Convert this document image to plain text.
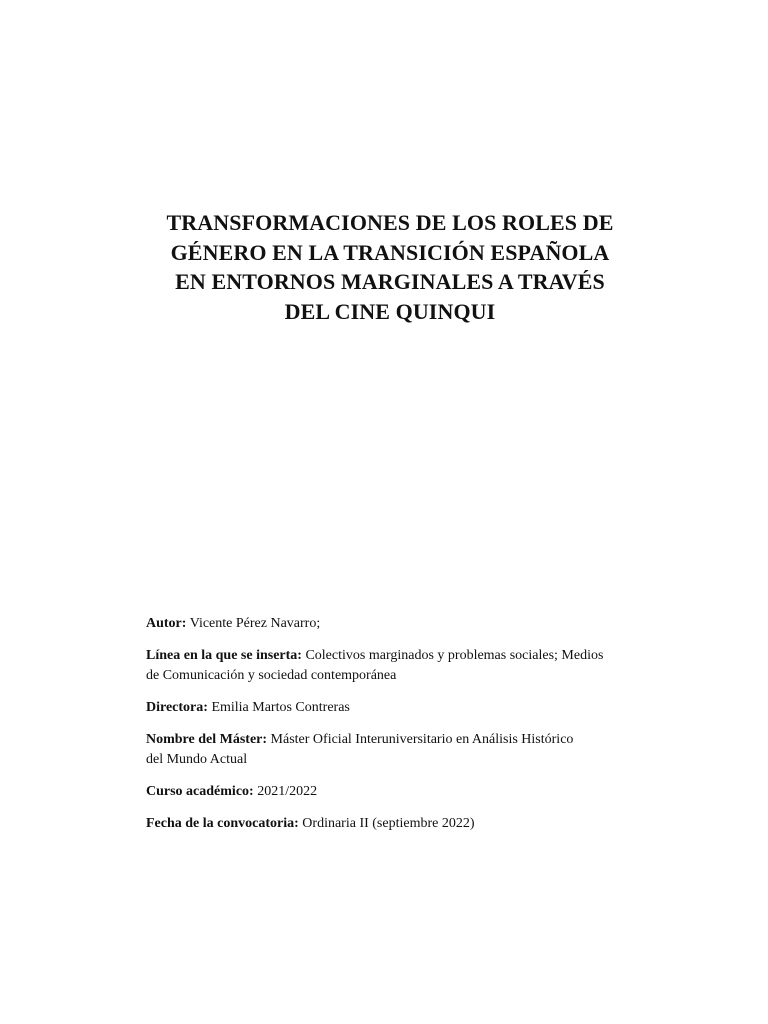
TRANSFORMACIONES DE LOS ROLES DE
GÉNERO EN LA TRANSICIÓN ESPAÑOLA
EN ENTORNOS MARGINALES A TRAVÉS
DEL CINE QUINQUI
Autor: Vicente Pérez Navarro;
Línea en la que se inserta: Colectivos marginados y problemas sociales; Medios
de Comunicación y sociedad contemporánea
Directora: Emilia Martos Contreras
Nombre del Máster: Máster Oficial Interuniversitario en Análisis Histórico
del Mundo Actual
Curso académico: 2021/2022
Fecha de la convocatoria: Ordinaria II (septiembre 2022)
